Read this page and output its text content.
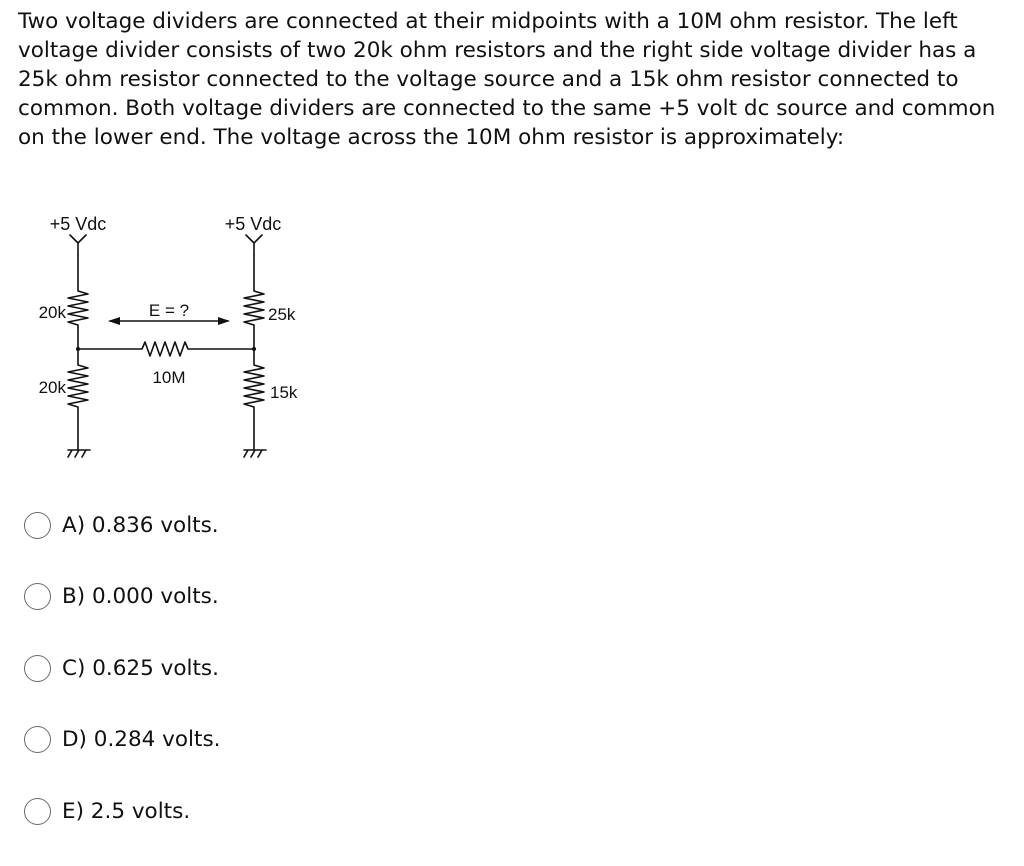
Two voltage dividers are connected at their midpoints with a 10M ohm resistor. The left voltage divider consists of two 20k ohm resistors and the right side voltage divider has a 25k ohm resistor connected to the voltage source and a 15k ohm resistor connected to common. Both voltage dividers are connected to the same +5 volt dc source and common on the lower end. The voltage across the 10M ohm resistor is approximately:

+5 Vdc	+5 Vdc
20k
20k
25k
15k
10M
E = ?
A) 0.836 volts.
B) 0.000 volts.
C) 0.625 volts.
D) 0.284 volts.
E) 2.5 volts.
